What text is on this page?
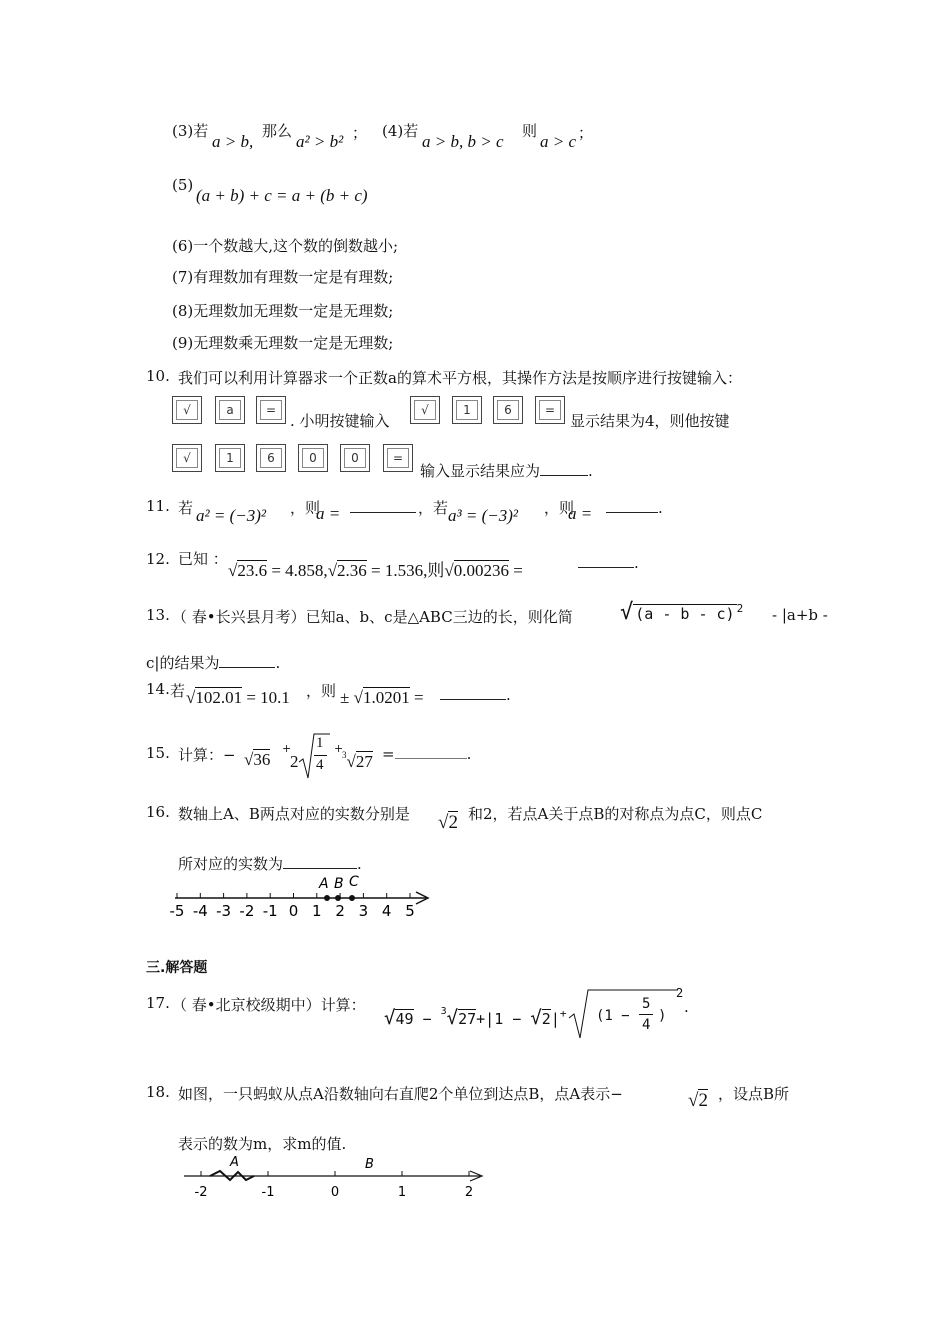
(3)若
a > b,
那么
a² > b² ； (4)若
a > b, b > c
则
a > c ；
(5)
(a + b) + c = a + (b + c)
(6)一个数越大,这个数的倒数越小;
(7)有理数加有理数一定是有理数;
(8)无理数加无理数一定是无理数;
(9)无理数乘无理数一定是无理数;
10. 我们可以利用计算器求一个正数a的算术平方根，其操作方法是按顺序进行按键输入：
√	a	=
. 小明按键输入
√	1	6	=
显示结果为4，则他按键
√	1	6	0	0	=
输入显示结果应为	.
11. 若 a² = (−3)² ，则
a =	，若 a³ = (−3)² ，则
a =	.
12. 已知 ：
√23.6 = 4.858,√2.36 = 1.536,则√0.00236 =	.
13. （ 春•长兴县月考）已知a、b、c是△ABC三边的长，则化简 √ (a - b - c) $^2$ - |a+b -
c|的结果为	.
14. 若 √102.01 = 10.1 ，则 ± √1.0201 =	.
15. 计算：− √36
+
2
1
4
+
$^3$√27 =	.
16. 数轴上A、B两点对应的实数分别是 √2 和2，若点A关于点B的对称点为点C，则点C
所对应的实数为	.
-5 -4 -3 -2 -1 0 1 2 3 4 5
A B C
三.解答题
17. （ 春•北京校级期中）计算：
√49 − $^3$√27+|1 − √2|+ (1 −
5
4
)
2
.
18. 如图，一只蚂蚁从点A沿数轴向右直爬2个单位到达点B，点A表示−	√2 ，设点B所
表示的数为m，求m的值.
-2	-1	0	1	2
A	B
